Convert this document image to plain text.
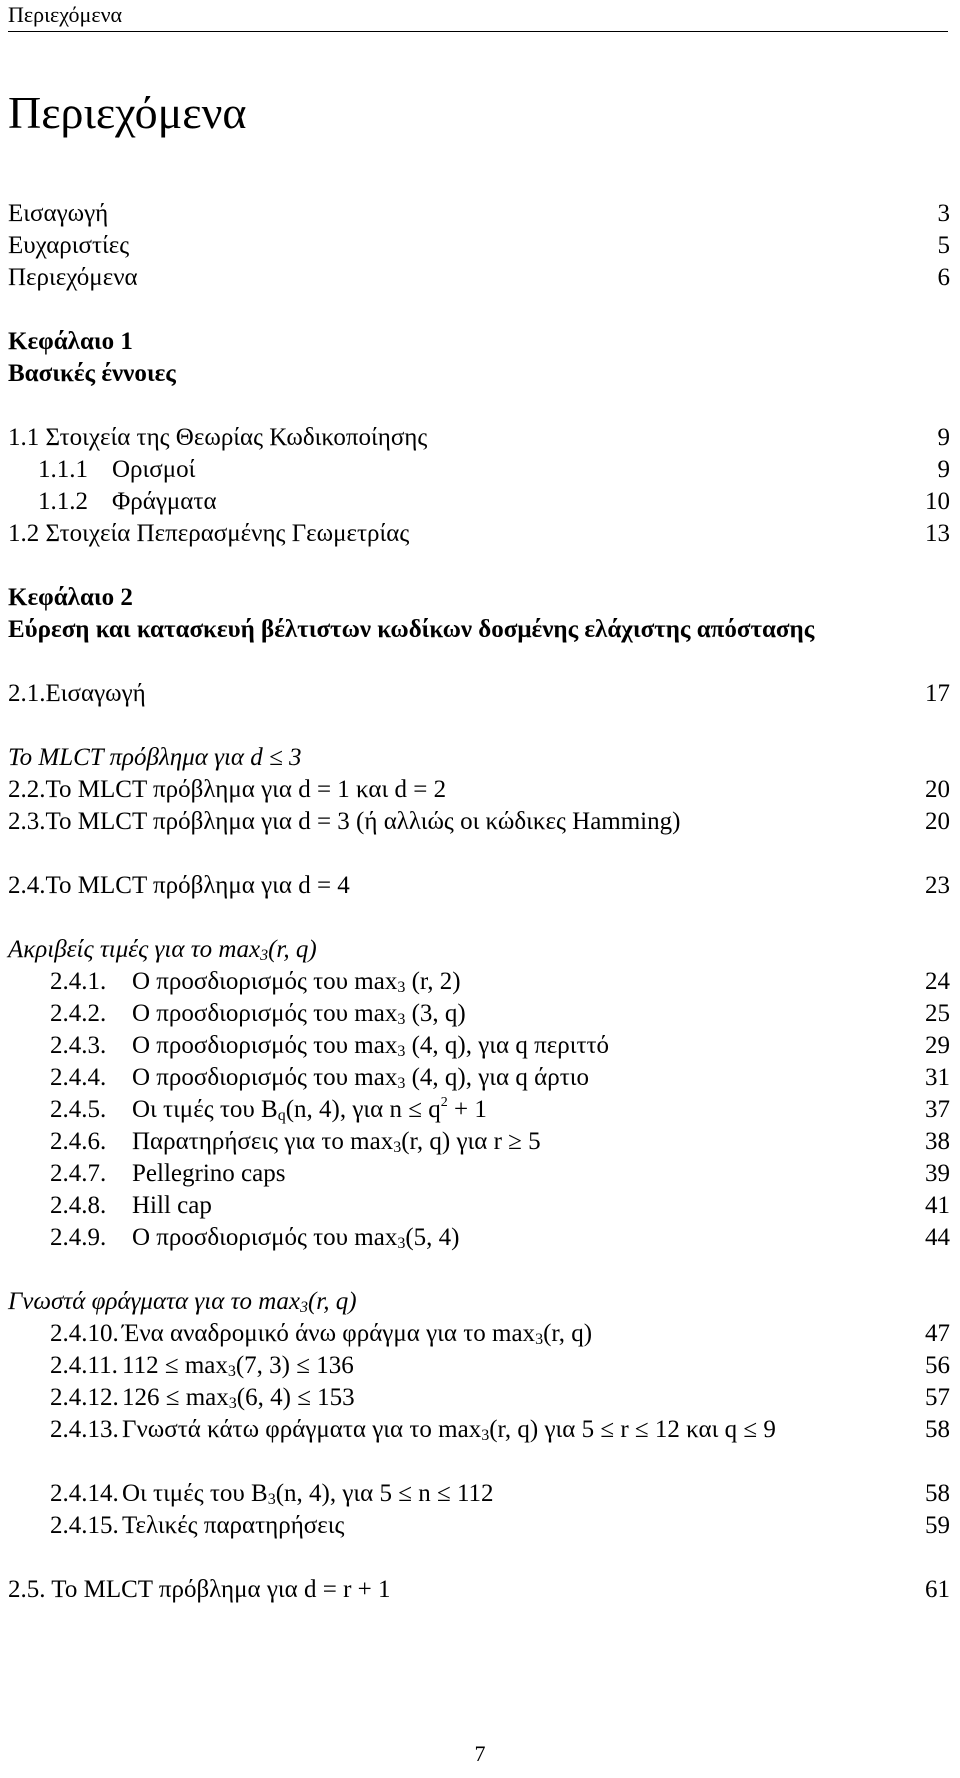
Περιεχόμενα
Περιεχόμενα
Εισαγωγή	3
Ευχαριστίες	5
Περιεχόμενα	6
Κεφάλαιο 1
Βασικές έννοιες
1.1 Στοιχεία της Θεωρίας Κωδικοποίησης	9
1.1.1 Ορισμοί	9
1.1.2 Φράγματα	10
1.2 Στοιχεία Πεπερασμένης Γεωμετρίας	13
Κεφάλαιο 2
Εύρεση και κατασκευή βέλτιστων κωδίκων δοσμένης ελάχιστης απόστασης
2.1.Εισαγωγή	17
Το MLCT πρόβλημα για d ≤ 3
2.2.Το MLCT πρόβλημα για d = 1 και d = 2	20
2.3.Το MLCT πρόβλημα για d = 3 (ή αλλιώς οι κώδικες Hamming)	20
2.4.Το MLCT πρόβλημα για d = 4	23
Ακριβείς τιμές για το $\max_3(r$, q)
2.4.1. Ο προσδιορισμός του $\max_3 (r$, 2)	24
2.4.2. Ο προσδιορισμός του $\max_3 (3$, q)	25
2.4.3. Ο προσδιορισμός του $\max_3 (4$, q), για q περιττό	29
2.4.4. Ο προσδιορισμός του $\max_3 (4$, q), για q άρτιο	31
2.4.5. Οι τιμές του $B_q(n$, 4), για $n \le q^2 + 1$	37
2.4.6. Παρατηρήσεις για το $\max_3(r$, q) για r ≥ 5	38
2.4.7. Pellegrino caps	39
2.4.8. Hill cap	41
2.4.9. Ο προσδιορισμός του $\max_3(5$, 4)	44
Γνωστά φράγματα για το $\max_3(r$, q)
2.4.10. Ένα αναδρομικό άνω φράγμα για το $\max_3(r$, q)	47
2.4.11. $112 \le \max_3(7$, 3) ≤ 136	56
2.4.12. $126 \le \max_3(6$, 4) ≤ 153	57
2.4.13. Γνωστά κάτω φράγματα για το $\max_3(r$, q) για 5 ≤ r ≤ 12 και q ≤ 9	58
2.4.14. Οι τιμές του $B_3(n$, 4), για 5 ≤ n ≤ 112	58
2.4.15. Τελικές παρατηρήσεις	59
2.5. Το MLCT πρόβλημα για d = r + 1	61
7
